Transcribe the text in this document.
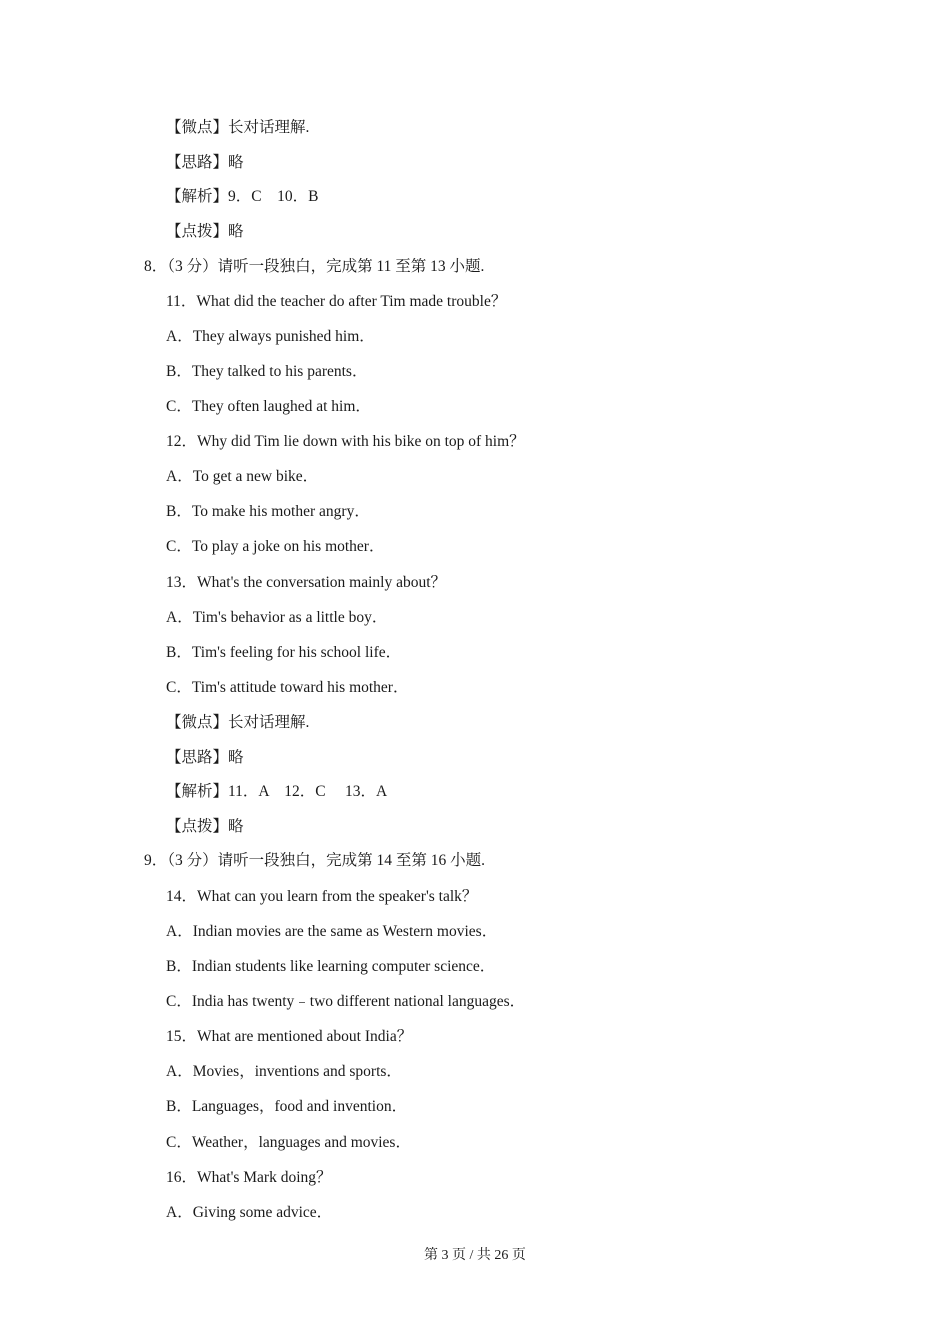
【微点】长对话理解.
【思路】略
【解析】9．C　10．B
【点拨】略
8．（3 分）请听一段独白，完成第 11 至第 13 小题.
11．What did the teacher do after Tim made trouble？
A．They always punished him．
B．They talked to his parents．
C．They often laughed at him．
12．Why did Tim lie down with his bike on top of him？
A．To get a new bike．
B．To make his mother angry．
C．To play a joke on his mother．
13．What's the conversation mainly about？
A．Tim's behavior as a little boy．
B．Tim's feeling for his school life．
C．Tim's attitude toward his mother．
【微点】长对话理解.
【思路】略
【解析】11．A　12．C　 13．A
【点拨】略
9．（3 分）请听一段独白，完成第 14 至第 16 小题.
14．What can you learn from the speaker's talk？
A．Indian movies are the same as Western movies．
B．Indian students like learning computer science．
C．India has twenty﹣two different national languages．
15．What are mentioned about India？
A．Movies，inventions and sports．
B．Languages，food and invention．
C．Weather，languages and movies．
16．What's Mark doing？
A．Giving some advice．
第 3 页 / 共 26 页
